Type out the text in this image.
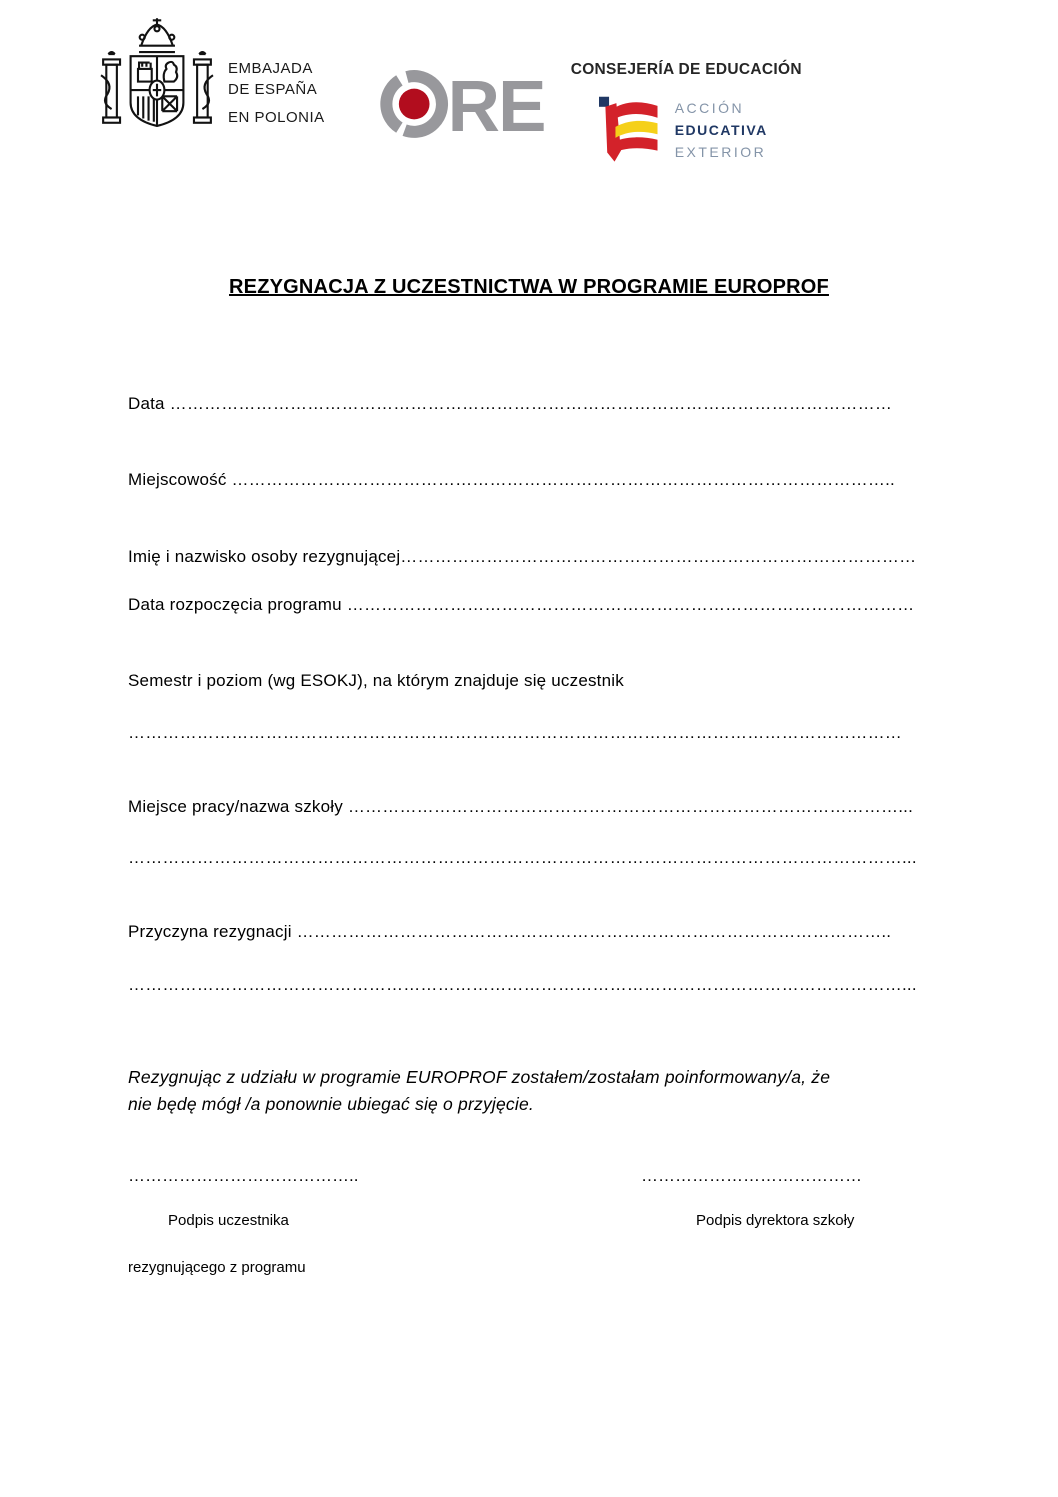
EMBAJADA
DE ESPAÑA
EN POLONIA RE CONSEJERÍA DE EDUCACIÓN
ACCIÓN
EDUCATIVA
EXTERIOR
REZYGNACJA Z UCZESTNICTWA W PROGRAMIE EUROPROF

Data ………………………………………………………………………………………………………………

Miejscowość ……………………………………………………………………………………………………..

Imię i nazwisko osoby rezygnującej………………………………………………………………………………

Data rozpoczęcia programu ………………………………………………………………………………………

Semestr i poziom (wg ESOKJ), na którym znajduje się uczestnik

………………………………………………………………………………………………………………………

Miejsce pracy/nazwa szkoły ……………………………………………………………………………………...

………………………………………………………………………………………………………………………...

Przyczyna rezygnacji …………………………………………………………………………………………..

………………………………………………………………………………………………………………………...

Rezygnując z udziału w programie EUROPROF zostałem/zostałam poinformowany/a, że nie będę mógł /a ponownie ubiegać się o przyjęcie.

…………………………………..
Podpis uczestnika
rezygnującego z programu
…………………………………
Podpis dyrektora szkoły
